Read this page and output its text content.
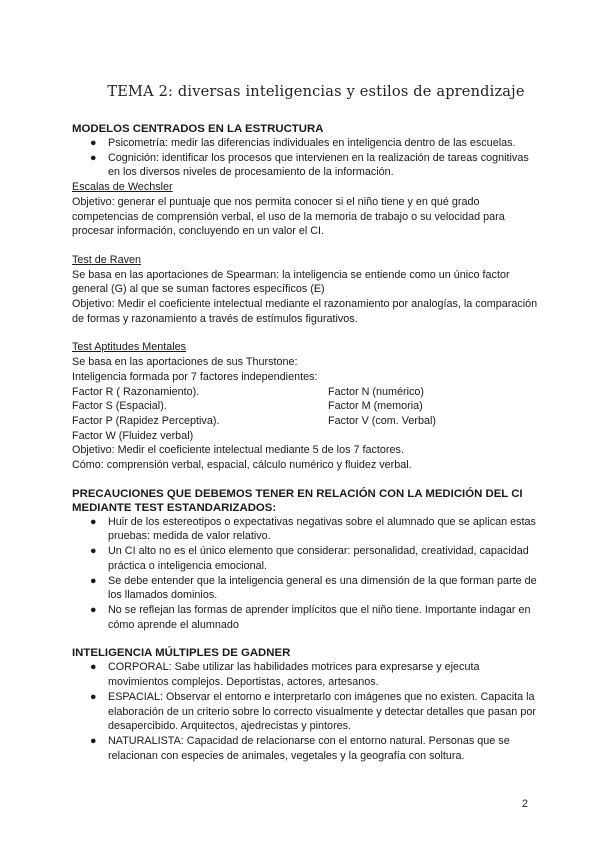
TEMA 2: diversas inteligencias y estilos de aprendizaje

MODELOS CENTRADOS EN LA ESTRUCTURA

● Psicometría: medir las diferencias individuales en inteligencia dentro de las escuelas.
● Cognición: identificar los procesos que intervienen en la realización de tareas cognitivas en los diversos niveles de procesamiento de la información.

Escalas de Wechsler

Objetivo: generar el puntuaje que nos permita conocer si el niño tiene y en qué grado competencias de comprensión verbal, el uso de la memoria de trabajo o su velocidad para procesar información, concluyendo en un valor el CI.

Test de Raven

Se basa en las aportaciones de Spearman: la inteligencia se entiende como un único factor general (G) al que se suman factores específicos (E)

Objetivo: Medir el coeficiente intelectual mediante el razonamiento por analogías, la comparación de formas y razonamiento a través de estímulos figurativos.

Test Aptitudes Mentales

Se basa en las aportaciones de sus Thurstone:

Inteligencia formada por 7 factores independientes:

Factor R ( Razonamiento).
Factor S (Espacial).
Factor P (Rapidez Perceptiva).
Factor W (Fluidez verbal)
Factor N (numérico)
Factor M (memoria)
Factor V (com. Verbal)

Objetivo: Medir el coeficiente intelectual mediante 5 de los 7 factores.

Cómo: comprensión verbal, espacial, cálculo numérico y fluidez verbal.

PRECAUCIONES QUE DEBEMOS TENER EN RELACIÓN CON LA MEDICIÓN DEL CI MEDIANTE TEST ESTANDARIZADOS:

● Huir de los estereotipos o expectativas negativas sobre el alumnado que se aplican estas pruebas: medida de valor relativo.
● Un CI alto no es el único elemento que considerar: personalidad, creatividad, capacidad práctica o inteligencia emocional.
● Se debe entender que la inteligencia general es una dimensión de la que forman parte de los llamados dominios.
● No se reflejan las formas de aprender implícitos que el niño tiene. Importante indagar en cómo aprende el alumnado

INTELIGENCIA MÚLTIPLES DE GADNER

● CORPORAL: Sabe utilizar las habilidades motrices para expresarse y ejecuta movimientos complejos. Deportistas, actores, artesanos.
● ESPACIAL: Observar el entorno e interpretarlo con imágenes que no existen. Capacita la elaboración de un criterio sobre lo correcto visualmente y detectar detalles que pasan por desapercibido. Arquitectos, ajedrecistas y pintores.
● NATURALISTA: Capacidad de relacionarse con el entorno natural. Personas que se relacionan con especies de animales, vegetales y la geografía con soltura.
2
